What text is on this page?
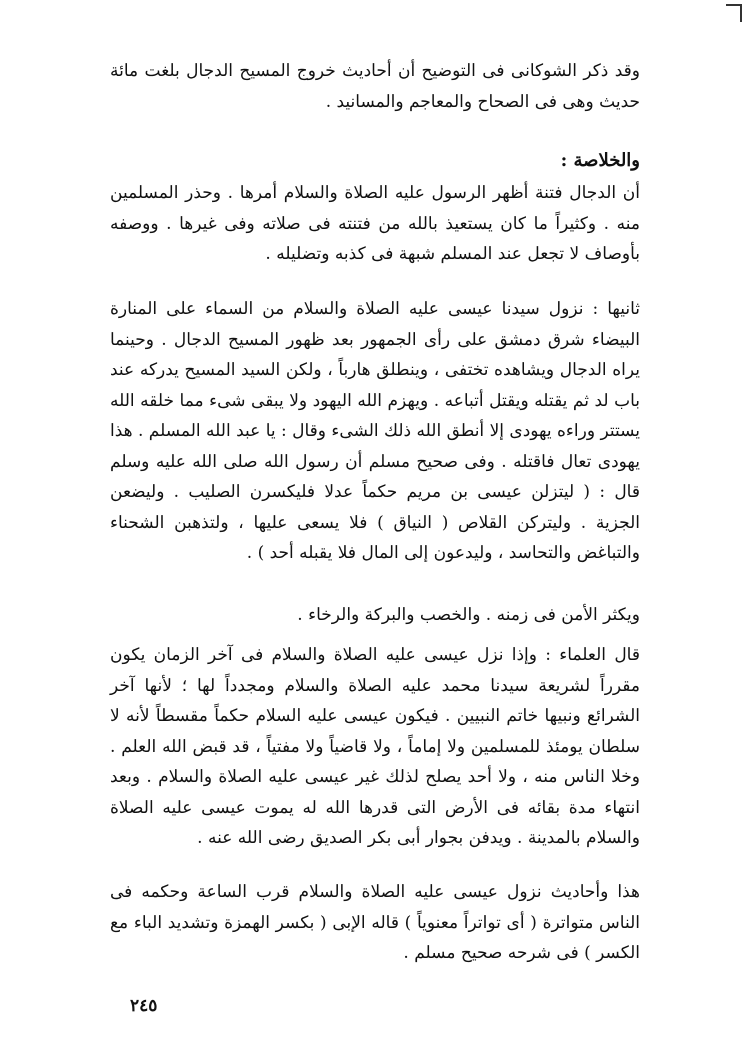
وقد ذكر الشوكانى فى التوضيح أن أحاديث خروج المسيح الدجال بلغت مائة حديث وهى فى الصحاح والمعاجم والمسانيد .
والخلاصة :
أن الدجال فتنة أظهر الرسول عليه الصلاة والسلام أمرها . وحذر المسلمين منه . وكثيراً ما كان يستعيذ بالله من فتنته فى صلاته وفى غيرها . ووصفه بأوصاف لا تجعل عند المسلم شبهة فى كذبه وتضليله .
ثانيها : نزول سيدنا عيسى عليه الصلاة والسلام من السماء على المنارة البيضاء شرق دمشق على رأى الجمهور بعد ظهور المسيح الدجال . وحينما يراه الدجال ويشاهده تختفى ، وينطلق هارباً ، ولكن السيد المسيح يدركه عند باب لد ثم يقتله ويقتل أتباعه . ويهزم الله اليهود ولا يبقى شىء مما خلقه الله يستتر وراءه يهودى إلا أنطق الله ذلك الشىء وقال : يا عبد الله المسلم . هذا يهودى تعال فاقتله . وفى صحيح مسلم أن رسول الله صلى الله عليه وسلم قال : ( ليتزلن عيسى بن مريم حكماً عدلا فليكسرن الصليب . وليضعن الجزية . وليتركن القلاص ( النياق ) فلا يسعى عليها ، ولتذهبن الشحناء والتباغض والتحاسد ، وليدعون إلى المال فلا يقبله أحد ) .
ويكثر الأمن فى زمنه . والخصب والبركة والرخاء .
قال العلماء : وإذا نزل عيسى عليه الصلاة والسلام فى آخر الزمان يكون مقرراً لشريعة سيدنا محمد عليه الصلاة والسلام ومجدداً لها ؛ لأنها آخر الشرائع ونبيها خاتم النبيين . فيكون عيسى عليه السلام حكماً مقسطاً لأنه لا سلطان يومئذ للمسلمين ولا إماماً ، ولا قاضياً ولا مفتياً ، قد قبض الله العلم . وخلا الناس منه ، ولا أحد يصلح لذلك غير عيسى عليه الصلاة والسلام . وبعد انتهاء مدة بقائه فى الأرض التى قدرها الله له يموت عيسى عليه الصلاة والسلام بالمدينة . ويدفن بجوار أبى بكر الصديق رضى الله عنه .
هذا وأحاديث نزول عيسى عليه الصلاة والسلام قرب الساعة وحكمه فى الناس متواترة ( أى تواتراً معنوياً ) قاله الإبى ( بكسر الهمزة وتشديد الباء مع الكسر ) فى شرحه صحيح مسلم .
٢٤٥
